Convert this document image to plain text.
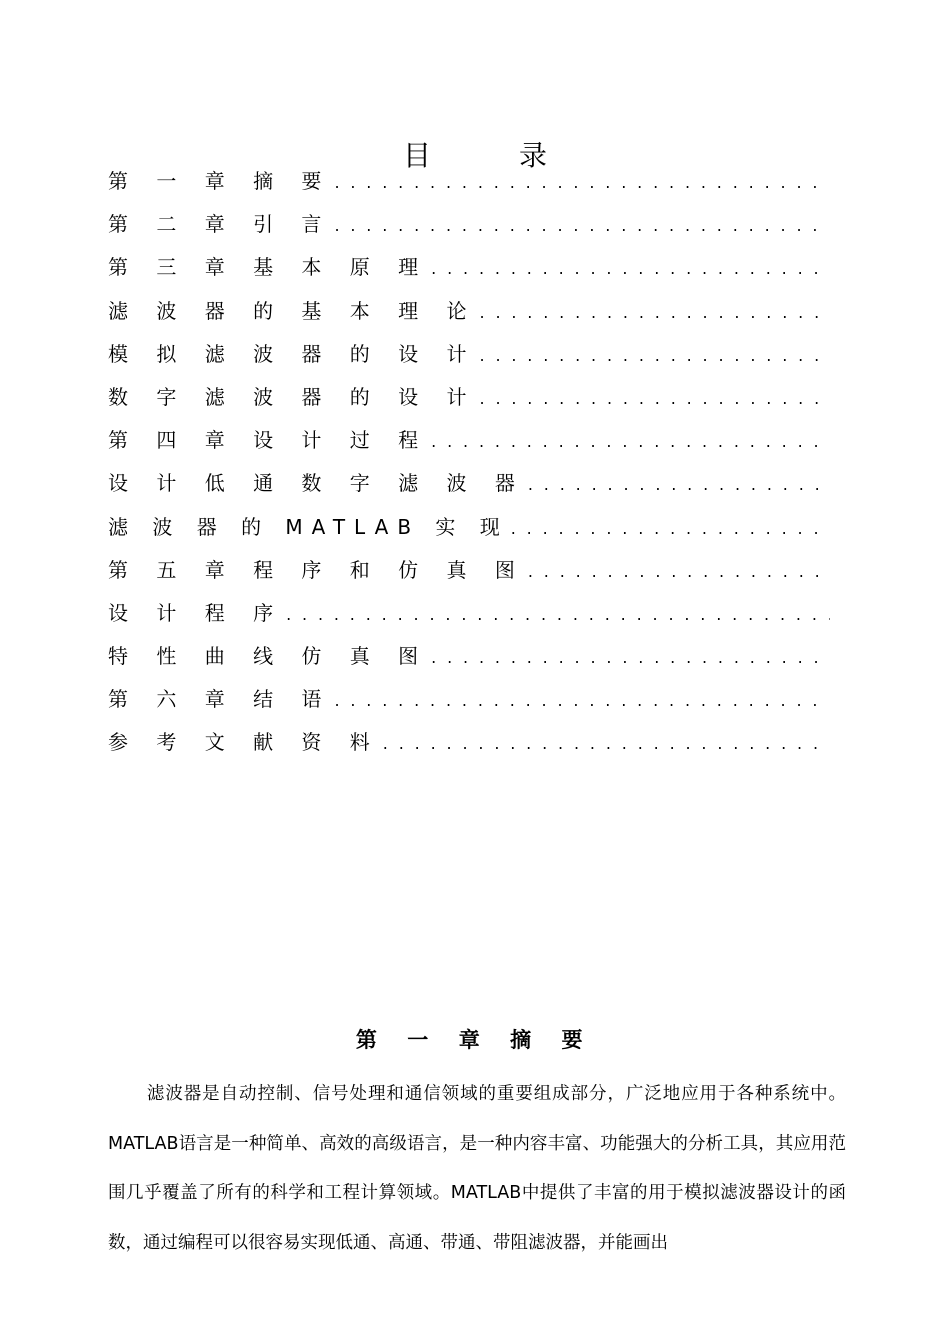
目	录
第 一 章 摘 要
. . .
第 二 章 引 言
. . .
第 三 章 基 本 原 理
. . .
滤 波 器 的 基 本 理 论
. . .
模 拟 滤 波 器 的 设 计
. . .
数 字 滤 波 器 的 设 计
. . .
第 四 章 设 计 过 程
. . .
设 计 低 通 数 字 滤 波 器
. . .
滤 波 器 的 MATLAB 实 现
. . .
第 五 章 程 序 和 仿 真 图
. . .
设 计 程 序
. . .
特 性 曲 线 仿 真 图
. . .
第 六 章 结 语
. . .
参 考 文 献 资 料
. . .
第 一 章 摘 要
滤波器是自动控制、信号处理和通信领域的重要组成部分，广泛地应用于各种系统中。MATLAB语言是一种简单、高效的高级语言，是一种内容丰富、功能强大的分析工具，其应用范围几乎覆盖了所有的科学和工程计算领域。MATLAB中提供了丰富的用于模拟滤波器设计的函数，通过编程可以很容易实现低通、高通、带通、带阻滤波器，并能画出
